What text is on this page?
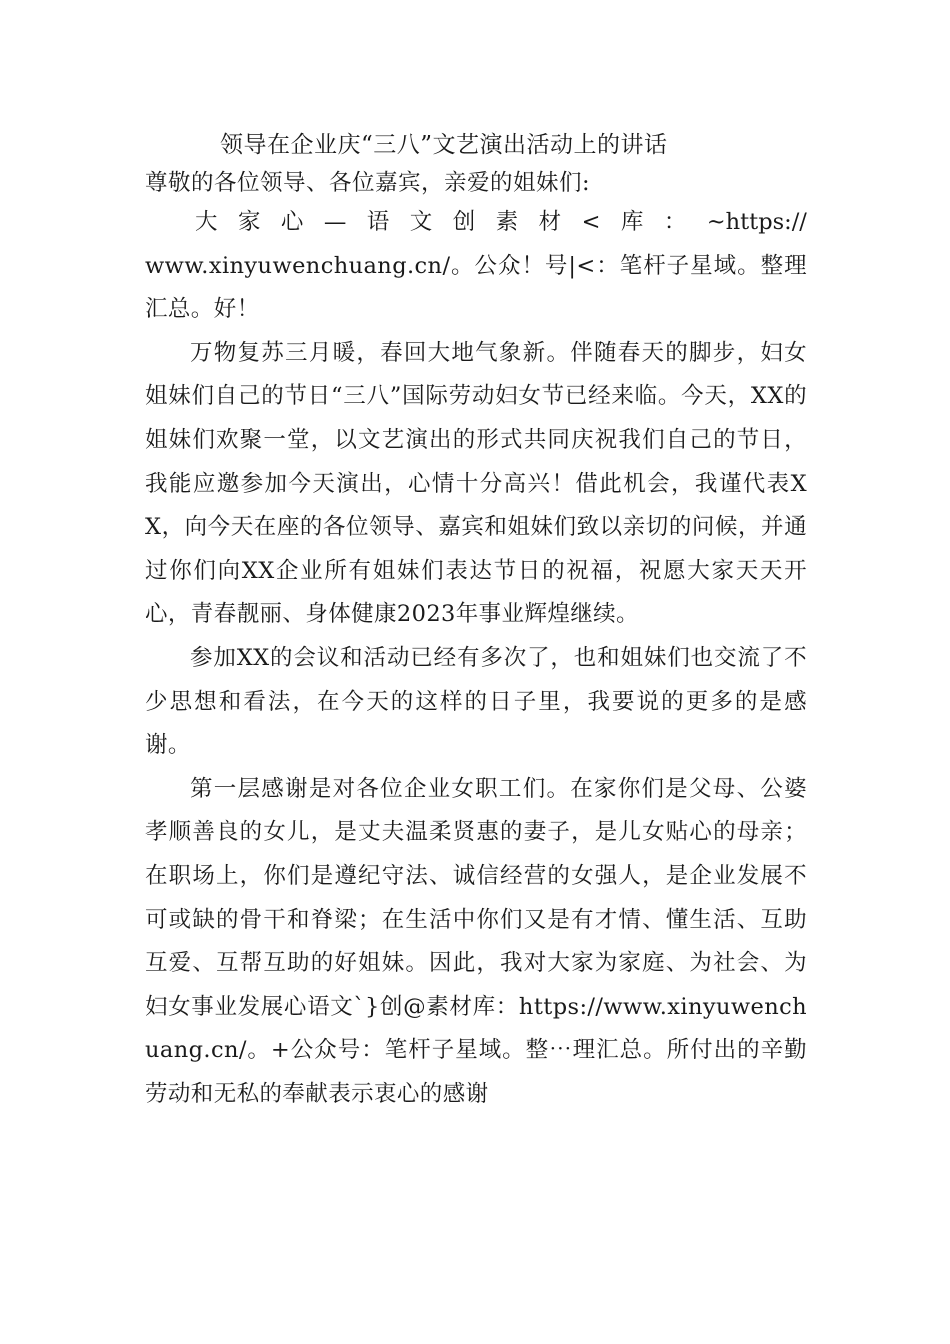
领导在企业庆“三八”文艺演出活动上的讲话
尊敬的各位领导、各位嘉宾，亲爱的姐妹们:
大 家 心 — 语 文 创 素 材 < 库 ： ~https://

www.xinyuwenchuang.cn/。公众！号|<：笔杆子星域。整理汇总。好！

万物复苏三月暖，春回大地气象新。伴随春天的脚步，妇女姐妹们自己的节日“三八”国际劳动妇女节已经来临。今天，XX的姐妹们欢聚一堂，以文艺演出的形式共同庆祝我们自己的节日，我能应邀参加今天演出，心情十分高兴！借此机会，我谨代表XX，向今天在座的各位领导、嘉宾和姐妹们致以亲切的问候，并通过你们向XX企业所有姐妹们表达节日的祝福，祝愿大家天天开心，青春靓丽、身体健康2023年事业辉煌继续。

参加XX的会议和活动已经有多次了，也和姐妹们也交流了不少思想和看法，在今天的这样的日子里，我要说的更多的是感谢。

第一层感谢是对各位企业女职工们。在家你们是父母、公婆孝顺善良的女儿，是丈夫温柔贤惠的妻子，是儿女贴心的母亲；在职场上，你们是遵纪守法、诚信经营的女强人，是企业发展不可或缺的骨干和脊梁；在生活中你们又是有才情、懂生活、互助互爱、互帮互助的好姐妹。因此，我对大家为家庭、为社会、为妇女事业发展心语文`}创@素材库：https://www.xinyuwenchuang.cn/。+公众号：笔杆子星域。整⋯理汇总。所付出的辛勤劳动和无私的奉献表示衷心的感谢
